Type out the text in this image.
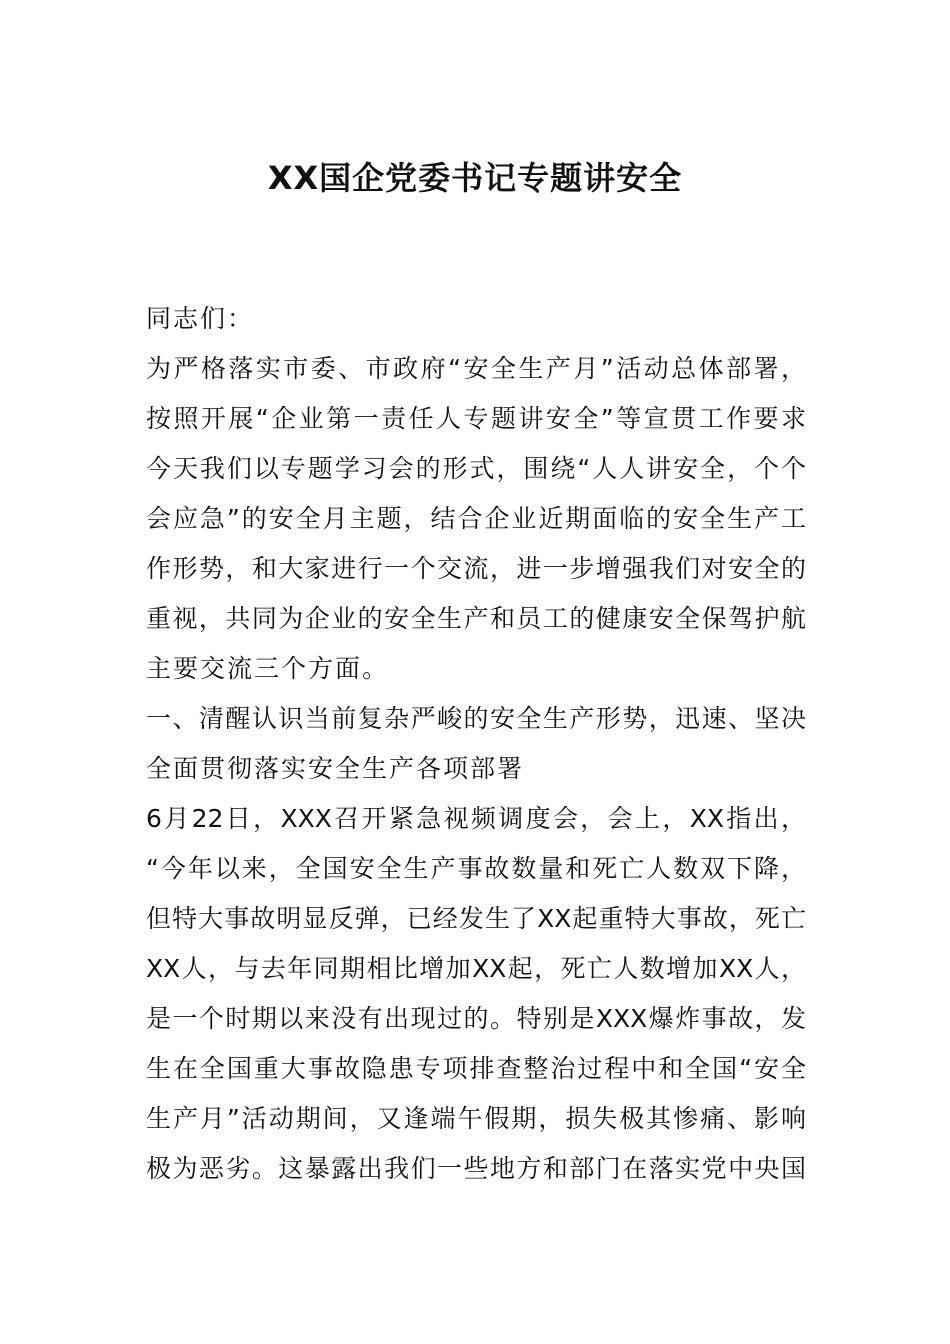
XX国企党委书记专题讲安全
同志们：
为严格落实市委、市政府“安全生产月”活动总体部署，
按照开展“企业第一责任人专题讲安全”等宣贯工作要求
今天我们以专题学习会的形式，围绕“人人讲安全，个个
会应急”的安全月主题，结合企业近期面临的安全生产工
作形势，和大家进行一个交流，进一步增强我们对安全的
重视，共同为企业的安全生产和员工的健康安全保驾护航
主要交流三个方面。
一、清醒认识当前复杂严峻的安全生产形势，迅速、坚决
全面贯彻落实安全生产各项部署
6月22日，XXX召开紧急视频调度会，会上，XX指出，
“今年以来，全国安全生产事故数量和死亡人数双下降，
但特大事故明显反弹，已经发生了XX起重特大事故，死亡
XX人，与去年同期相比增加XX起，死亡人数增加XX人，
是一个时期以来没有出现过的。特别是XXX爆炸事故，发
生在全国重大事故隐患专项排查整治过程中和全国“安全
生产月”活动期间，又逢端午假期，损失极其惨痛、影响
极为恶劣。这暴露出我们一些地方和部门在落实党中央国
